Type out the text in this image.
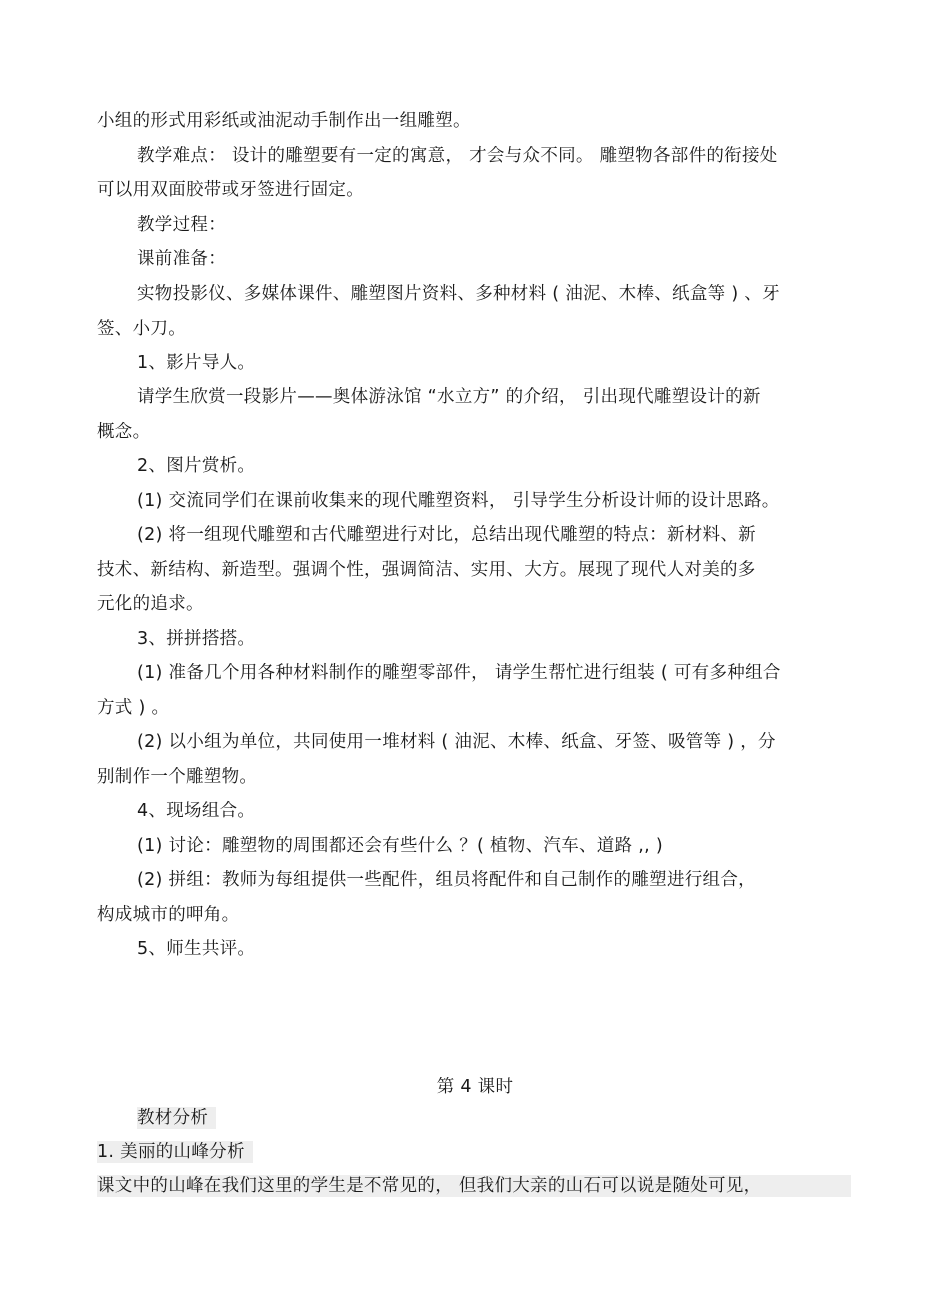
小组的形式用彩纸或油泥动手制作出一组雕塑。

教学难点： 设计的雕塑要有一定的寓意， 才会与众不同。 雕塑物各部件的衔接处

可以用双面胶带或牙签进行固定。

教学过程：

课前准备：

实物投影仪、多媒体课件、雕塑图片资料、多种材料 ( 油泥、木棒、纸盒等 ) 、牙

签、小刀。

1、影片导人。

请学生欣赏一段影片——奥体游泳馆 “水立方” 的介绍， 引出现代雕塑设计的新

概念。

2、图片赏析。

(1) 交流同学们在课前收集来的现代雕塑资料， 引导学生分析设计师的设计思路。

(2) 将一组现代雕塑和古代雕塑进行对比，总结出现代雕塑的特点：新材料、新

技术、新结构、新造型。强调个性，强调简洁、实用、大方。展现了现代人对美的多

元化的追求。

3、拼拼搭搭。

(1) 准备几个用各种材料制作的雕塑零部件， 请学生帮忙进行组装 ( 可有多种组合

方式 ) 。

(2) 以小组为单位，共同使用一堆材料 ( 油泥、木棒、纸盒、牙签、吸管等 ) ，分

别制作一个雕塑物。

4、现场组合。

(1) 讨论：雕塑物的周围都还会有些什么 ？( 植物、汽车、道路 ,, )

(2) 拼组：教师为每组提供一些配件，组员将配件和自己制作的雕塑进行组合，

构成城市的呷角。

5、师生共评。

第 4 课时

教材分析

1. 美丽的山峰分析

课文中的山峰在我们这里的学生是不常见的， 但我们大亲的山石可以说是随处可见，
